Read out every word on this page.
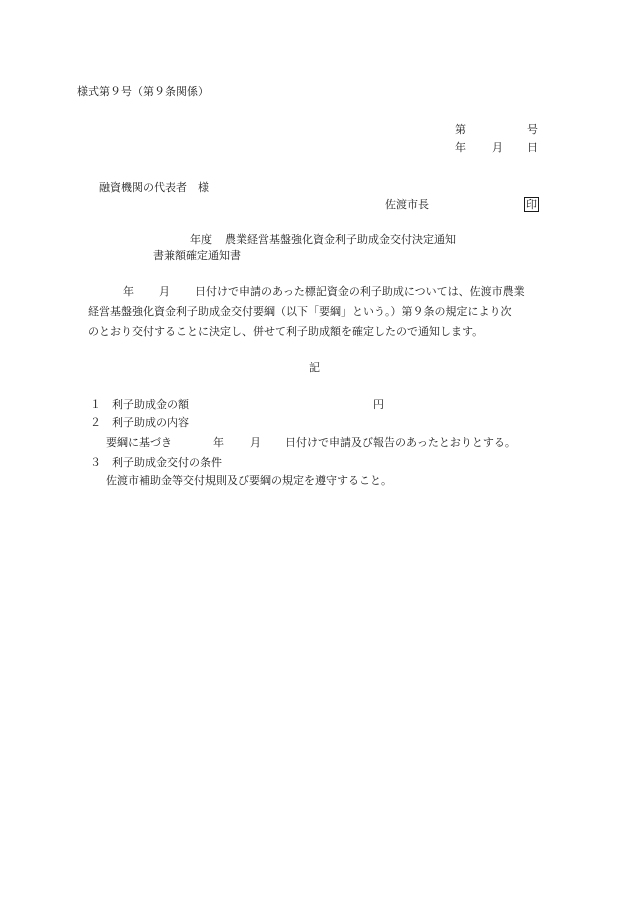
様式第９号（第９条関係）
第	号
年 月 日
融資機関の代表者　様
佐渡市長	印
年度 農業経営基盤強化資金利子助成金交付決定通知
書兼額確定通知書
年 月 日付けで申請のあった標記資金の利子助成については、佐渡市農業
経営基盤強化資金利子助成金交付要綱（以下「要綱」という。）第９条の規定により次
のとおり交付することに決定し、併せて利子助成額を確定したので通知します。
記
１　利子助成金の額	円
２　利子助成の内容
要綱に基づき	年 月 日付けで申請及び報告のあったとおりとする。
３　利子助成金交付の条件
佐渡市補助金等交付規則及び要綱の規定を遵守すること。
